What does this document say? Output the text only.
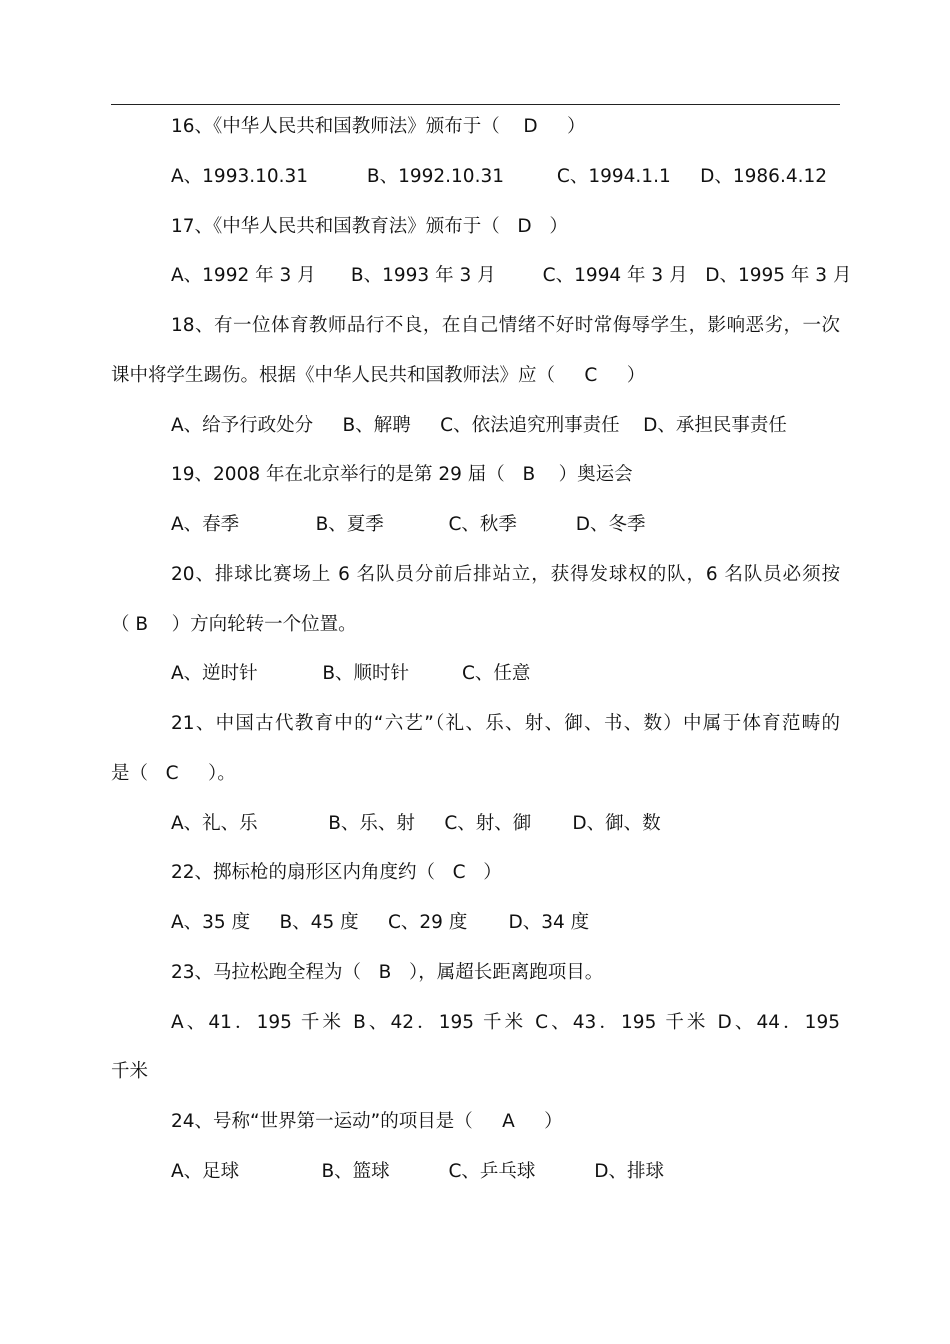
16、《中华人民共和国教师法》颁布于（    D     ）
A、1993.10.31          B、1992.10.31         C、1994.1.1     D、1986.4.12
17、《中华人民共和国教育法》颁布于（   D   ）
A、1992 年 3 月      B、1993 年 3 月        C、1994 年 3 月   D、1995 年 3 月
18、有一位体育教师品行不良，在自己情绪不好时常侮辱学生，影响恶劣，一次
课中将学生踢伤。根据《中华人民共和国教师法》应（     C     ）
A、给予行政处分     B、解聘     C、依法追究刑事责任    D、承担民事责任
19、2008 年在北京举行的是第 29 届（   B    ）奥运会
A、春季             B、夏季           C、秋季          D、冬季
20、排球比赛场上 6 名队员分前后排站立，获得发球权的队，6 名队员必须按
（ B    ）方向轮转一个位置。
A、逆时针           B、顺时针         C、任意
21、中国古代教育中的“六艺”（礼、乐、射、御、书、数）中属于体育范畴的
是（   C     ）。
A、礼、乐            B、乐、射     C、射、御       D、御、数
22、掷标枪的扇形区内角度约（   C   ）
A、35 度     B、45 度     C、29 度       D、34 度
23、马拉松跑全程为（   B   ），属超长距离跑项目。
A、41．195 千米 B、42．195 千米 C、43．195 千米 D、44．195
千米
24、号称“世界第一运动”的项目是（     A     ）
A、足球              B、篮球          C、乒乓球          D、排球
